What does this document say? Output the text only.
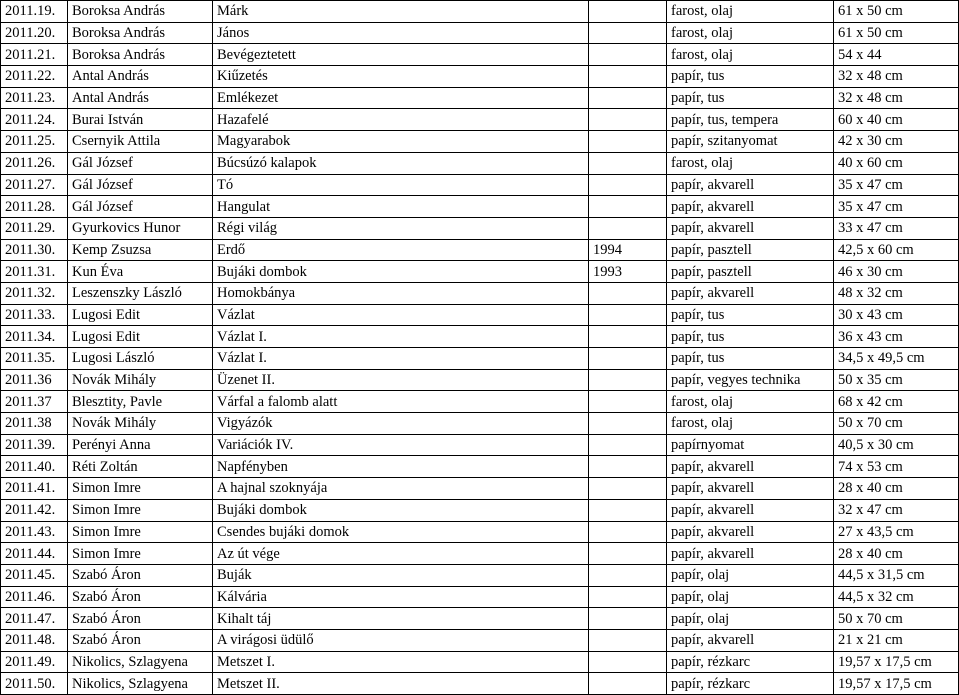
2011.19.	Boroksa András	Márk		farost, olaj	61 x 50 cm
2011.20.	Boroksa András	János		farost, olaj	61 x 50 cm
2011.21.	Boroksa András	Bevégeztetett		farost, olaj	54 x 44
2011.22.	Antal András	Kiűzetés		papír, tus	32 x 48 cm
2011.23.	Antal András	Emlékezet		papír, tus	32 x 48 cm
2011.24.	Burai István	Hazafelé		papír, tus, tempera	60 x 40 cm
2011.25.	Csernyik Attila	Magyarabok		papír, szitanyomat	42 x 30 cm
2011.26.	Gál József	Búcsúzó kalapok		farost, olaj	40 x 60 cm
2011.27.	Gál József	Tó		papír, akvarell	35 x 47 cm
2011.28.	Gál József	Hangulat		papír, akvarell	35 x 47 cm
2011.29.	Gyurkovics Hunor	Régi világ		papír, akvarell	33 x 47 cm
2011.30.	Kemp Zsuzsa	Erdő	1994	papír, pasztell	42,5 x 60 cm
2011.31.	Kun Éva	Bujáki dombok	1993	papír, pasztell	46 x 30 cm
2011.32.	Leszenszky László	Homokbánya		papír, akvarell	48 x 32 cm
2011.33.	Lugosi Edit	Vázlat		papír, tus	30 x 43 cm
2011.34.	Lugosi Edit	Vázlat I.		papír, tus	36 x 43 cm
2011.35.	Lugosi László	Vázlat I.		papír, tus	34,5 x 49,5 cm
2011.36	Novák Mihály	Üzenet II.		papír, vegyes technika	50 x 35 cm
2011.37	Blesztity, Pavle	Várfal a falomb alatt		farost, olaj	68 x 42 cm
2011.38	Novák Mihály	Vigyázók		farost, olaj	50 x 70 cm
2011.39.	Perényi Anna	Variációk IV.		papírnyomat	40,5 x 30 cm
2011.40.	Réti Zoltán	Napfényben		papír, akvarell	74 x 53 cm
2011.41.	Simon Imre	A hajnal szoknyája		papír, akvarell	28 x 40 cm
2011.42.	Simon Imre	Bujáki dombok		papír, akvarell	32 x 47 cm
2011.43.	Simon Imre	Csendes bujáki domok		papír, akvarell	27 x 43,5 cm
2011.44.	Simon Imre	Az út vége		papír, akvarell	28 x 40 cm
2011.45.	Szabó Áron	Buják		papír, olaj	44,5 x 31,5 cm
2011.46.	Szabó Áron	Kálvária		papír, olaj	44,5 x 32 cm
2011.47.	Szabó Áron	Kihalt táj		papír, olaj	50 x 70 cm
2011.48.	Szabó Áron	A virágosi üdülő		papír, akvarell	21 x 21 cm
2011.49.	Nikolics, Szlagyena	Metszet I.		papír, rézkarc	19,57 x 17,5 cm
2011.50.	Nikolics, Szlagyena	Metszet II.		papír, rézkarc	19,57 x 17,5 cm
